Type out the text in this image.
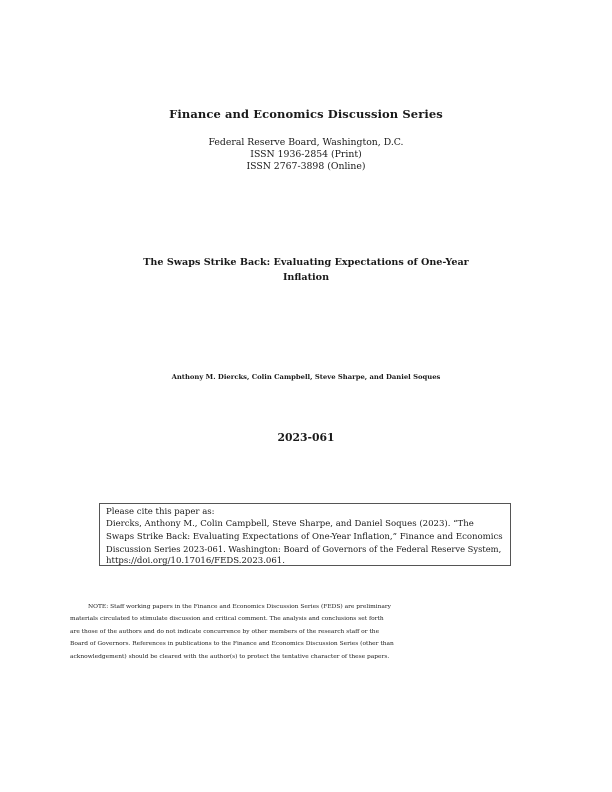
Finance and Economics Discussion Series
Federal Reserve Board, Washington, D.C.
ISSN 1936-2854 (Print)
ISSN 2767-3898 (Online)
The Swaps Strike Back: Evaluating Expectations of One-Year
Inflation
Anthony M. Diercks, Colin Campbell, Steve Sharpe, and Daniel Soques
2023-061
Please cite this paper as:
Diercks, Anthony M., Colin Campbell, Steve Sharpe, and Daniel Soques (2023). “The
Swaps Strike Back: Evaluating Expectations of One-Year Inflation,” Finance and Economics
Discussion Series 2023-061. Washington: Board of Governors of the Federal Reserve System,
https://doi.org/10.17016/FEDS.2023.061.
NOTE: Staff working papers in the Finance and Economics Discussion Series (FEDS) are preliminary
materials circulated to stimulate discussion and critical comment. The analysis and conclusions set forth
are those of the authors and do not indicate concurrence by other members of the research staff or the
Board of Governors. References in publications to the Finance and Economics Discussion Series (other than
acknowledgement) should be cleared with the author(s) to protect the tentative character of these papers.
